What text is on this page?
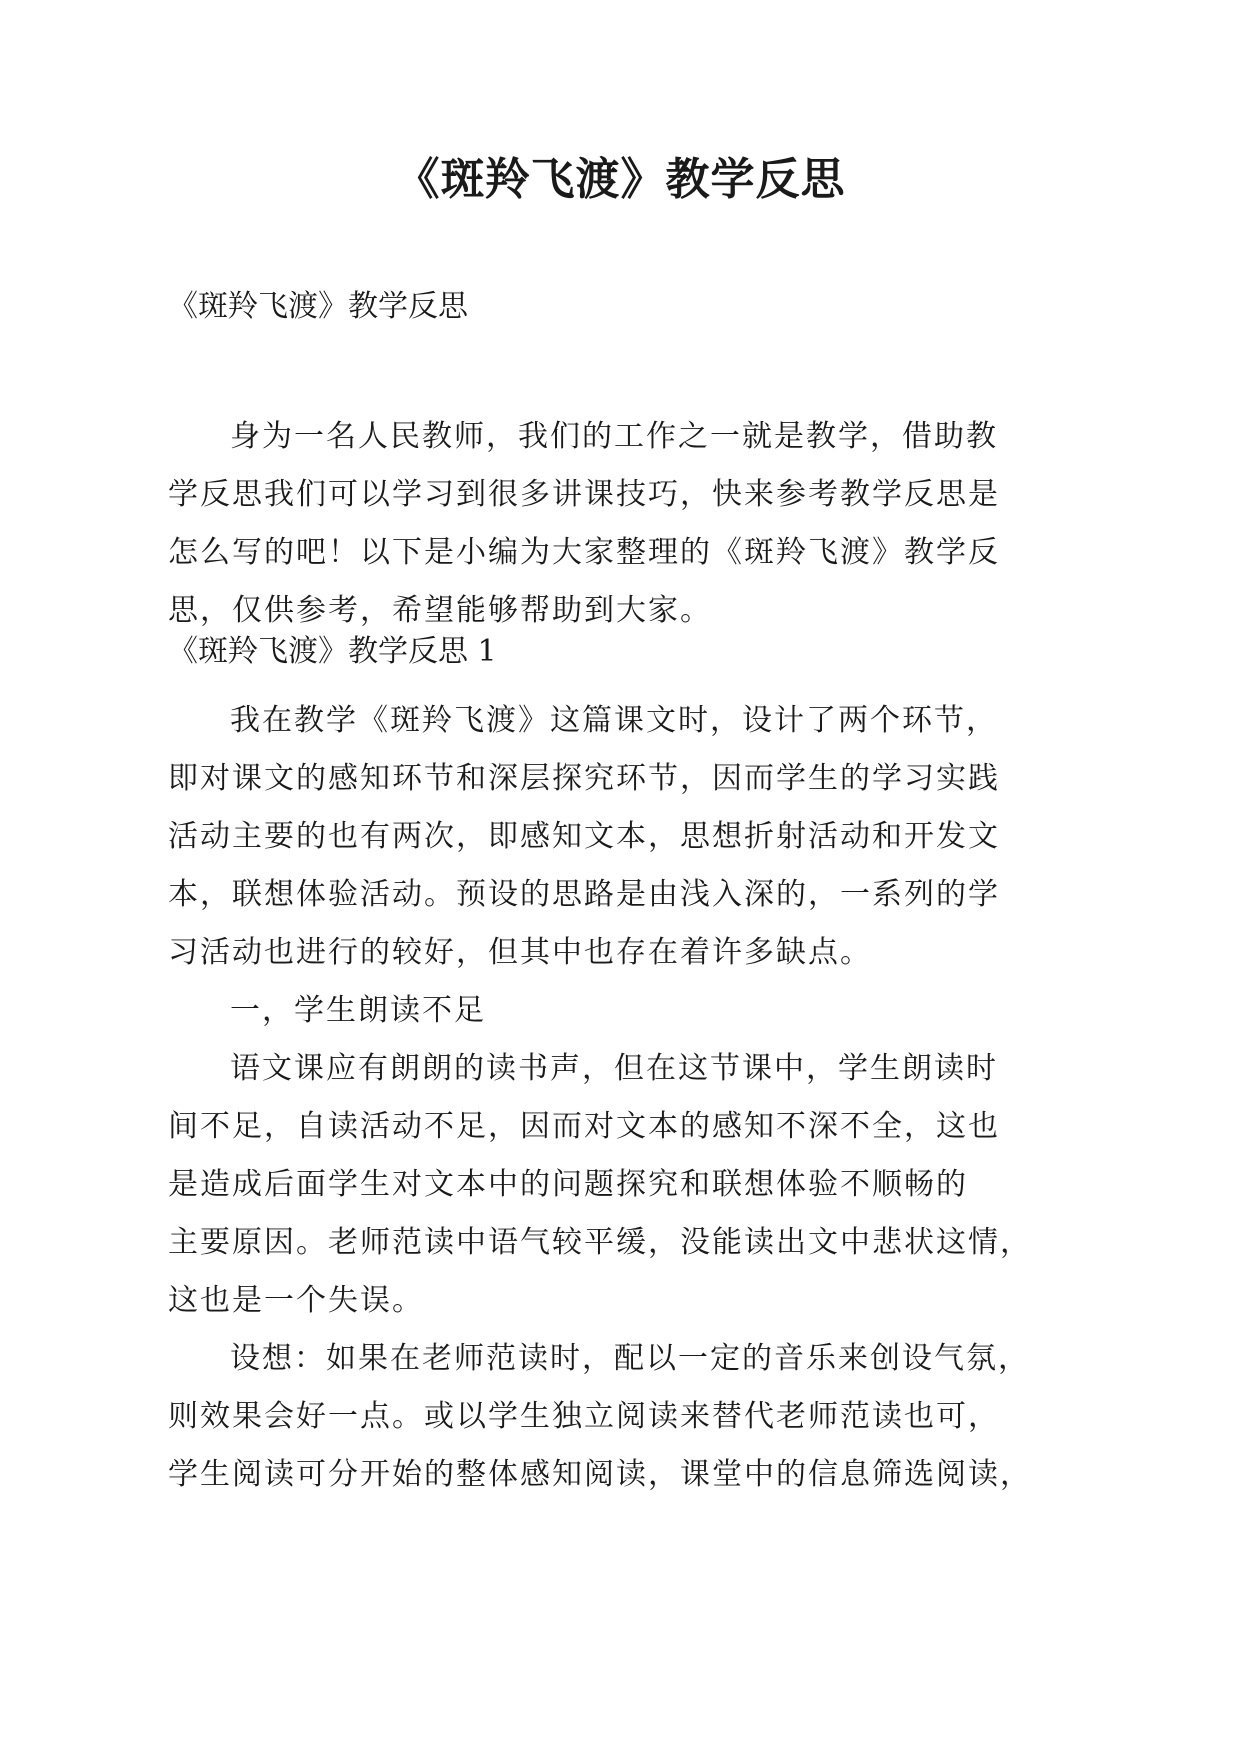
《斑羚飞渡》教学反思

《斑羚飞渡》教学反思

身为一名人民教师，我们的工作之一就是教学，借助教
学反思我们可以学习到很多讲课技巧，快来参考教学反思是
怎么写的吧！以下是小编为大家整理的《斑羚飞渡》教学反
思，仅供参考，希望能够帮助到大家。
《斑羚飞渡》教学反思 1
我在教学《斑羚飞渡》这篇课文时，设计了两个环节，
即对课文的感知环节和深层探究环节，因而学生的学习实践
活动主要的也有两次，即感知文本，思想折射活动和开发文
本，联想体验活动。预设的思路是由浅入深的，一系列的学
习活动也进行的较好，但其中也存在着许多缺点。
一，学生朗读不足
语文课应有朗朗的读书声，但在这节课中，学生朗读时
间不足，自读活动不足，因而对文本的感知不深不全，这也
是造成后面学生对文本中的问题探究和联想体验不顺畅的
主要原因。老师范读中语气较平缓，没能读出文中悲状这情，
这也是一个失误。
设想：如果在老师范读时，配以一定的音乐来创设气氛，
则效果会好一点。或以学生独立阅读来替代老师范读也可，
学生阅读可分开始的整体感知阅读，课堂中的信息筛选阅读，
